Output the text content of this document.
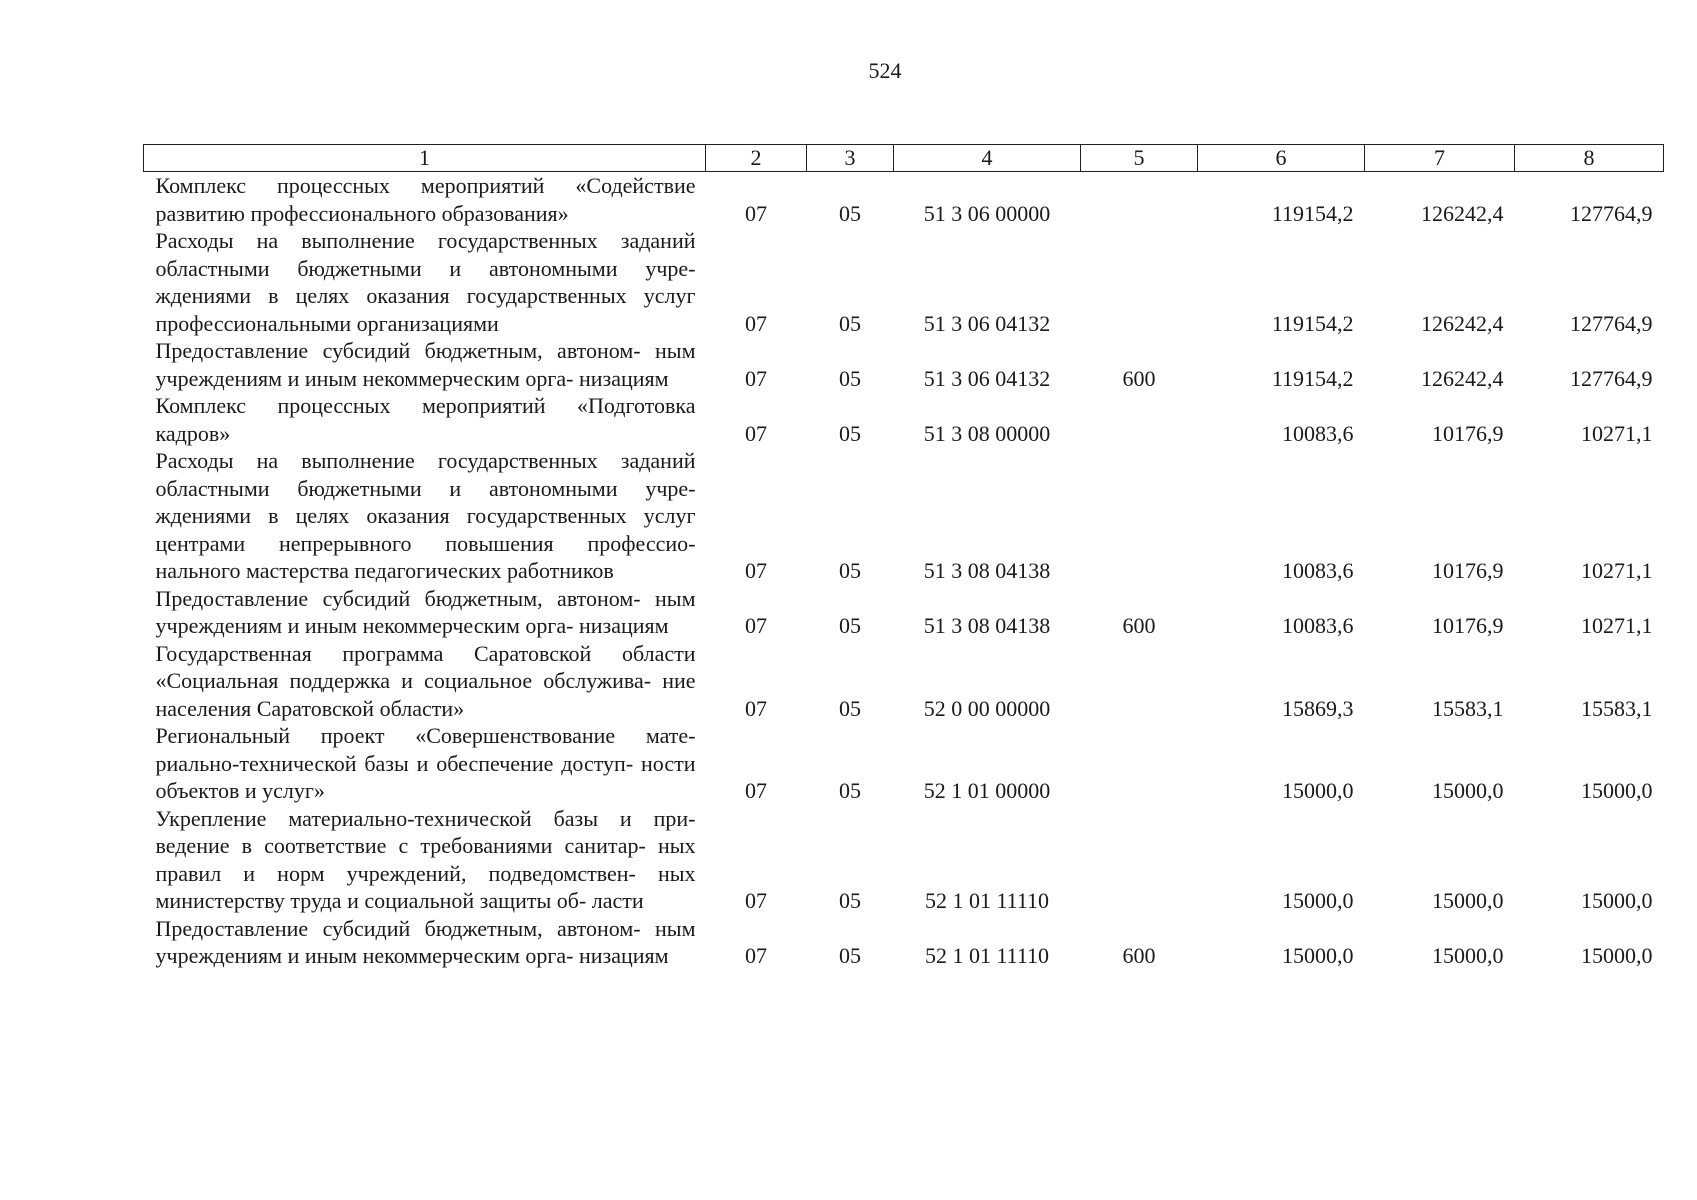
524
1	2	3	4	5	6	7	8
Комплекс процессных мероприятий «Содействие развитию профессионального образования»	07	05	51 3 06 00000		119154,2	126242,4	127764,9
Расходы на выполнение государственных заданий областными бюджетными и автономными учре- ждениями в целях оказания государственных услуг профессиональными организациями	07	05	51 3 06 04132		119154,2	126242,4	127764,9
Предоставление субсидий бюджетным, автоном- ным учреждениям и иным некоммерческим орга- низациям	07	05	51 3 06 04132	600	119154,2	126242,4	127764,9
Комплекс процессных мероприятий «Подготовка кадров»	07	05	51 3 08 00000		10083,6	10176,9	10271,1
Расходы на выполнение государственных заданий областными бюджетными и автономными учре- ждениями в целях оказания государственных услуг центрами непрерывного повышения профессио- нального мастерства педагогических работников	07	05	51 3 08 04138		10083,6	10176,9	10271,1
Предоставление субсидий бюджетным, автоном- ным учреждениям и иным некоммерческим орга- низациям	07	05	51 3 08 04138	600	10083,6	10176,9	10271,1
Государственная программа Саратовской области «Социальная поддержка и социальное обслужива- ние населения Саратовской области»	07	05	52 0 00 00000		15869,3	15583,1	15583,1
Региональный проект «Совершенствование мате- риально-технической базы и обеспечение доступ- ности объектов и услуг»	07	05	52 1 01 00000		15000,0	15000,0	15000,0
Укрепление материально-технической базы и при- ведение в соответствие с требованиями санитар- ных правил и норм учреждений, подведомствен- ных министерству труда и социальной защиты об- ласти	07	05	52 1 01 11110		15000,0	15000,0	15000,0
Предоставление субсидий бюджетным, автоном- ным учреждениям и иным некоммерческим орга- низациям	07	05	52 1 01 11110	600	15000,0	15000,0	15000,0
